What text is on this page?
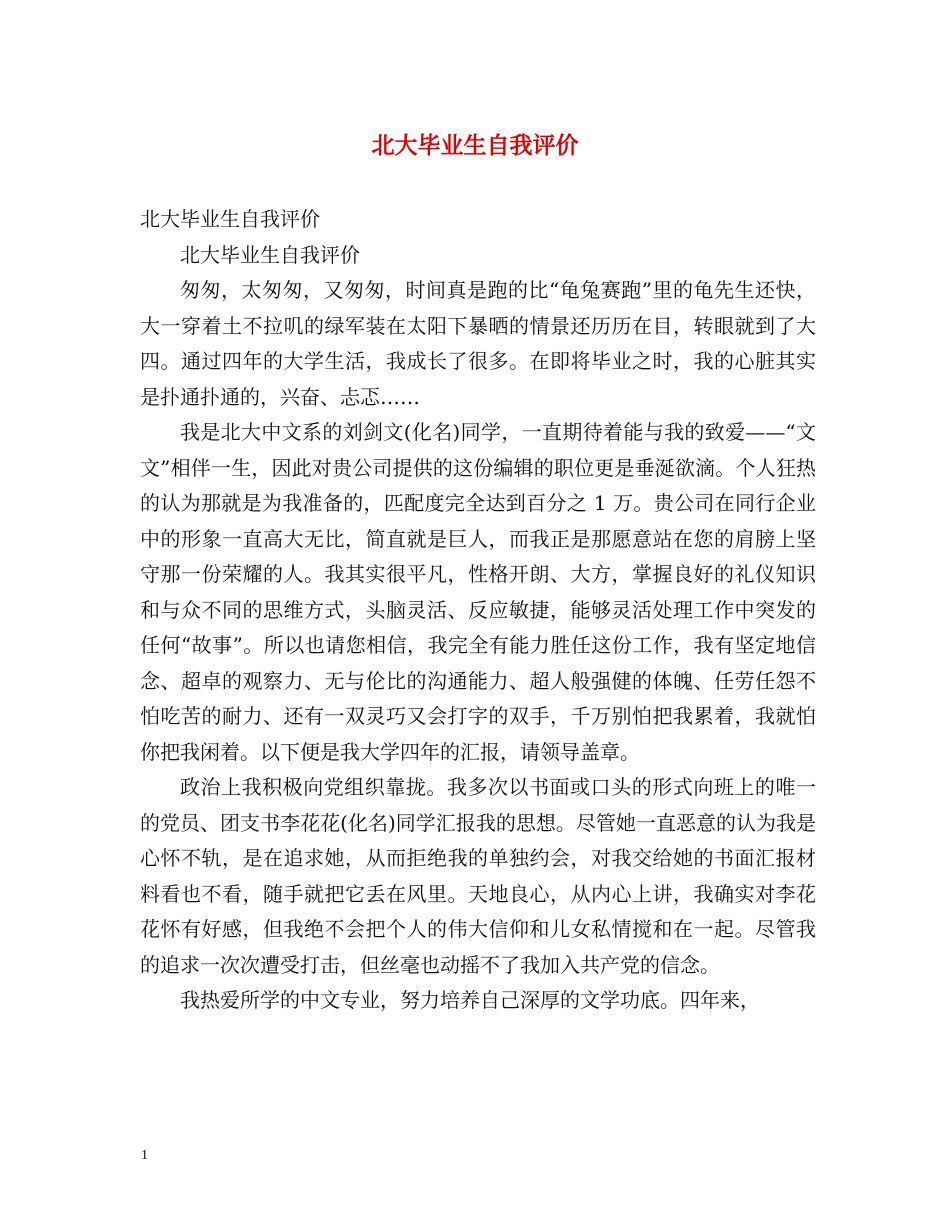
北大毕业生自我评价

北大毕业生自我评价

北大毕业生自我评价

匆匆，太匆匆，又匆匆，时间真是跑的比“龟兔赛跑”里的龟先生还快，大一穿着土不拉叽的绿军装在太阳下暴晒的情景还历历在目，转眼就到了大四。通过四年的大学生活，我成长了很多。在即将毕业之时，我的心脏其实是扑通扑通的，兴奋、忐忑……

我是北大中文系的刘剑文(化名)同学，一直期待着能与我的致爱——“文文”相伴一生，因此对贵公司提供的这份编辑的职位更是垂涎欲滴。个人狂热的认为那就是为我准备的，匹配度完全达到百分之 1 万。贵公司在同行企业中的形象一直高大无比，简直就是巨人，而我正是那愿意站在您的肩膀上坚守那一份荣耀的人。我其实很平凡，性格开朗、大方，掌握良好的礼仪知识和与众不同的思维方式，头脑灵活、反应敏捷，能够灵活处理工作中突发的任何“故事”。所以也请您相信，我完全有能力胜任这份工作，我有坚定地信念、超卓的观察力、无与伦比的沟通能力、超人般强健的体魄、任劳任怨不怕吃苦的耐力、还有一双灵巧又会打字的双手，千万别怕把我累着，我就怕你把我闲着。以下便是我大学四年的汇报，请领导盖章。

政治上我积极向党组织靠拢。我多次以书面或口头的形式向班上的唯一的党员、团支书李花花(化名)同学汇报我的思想。尽管她一直恶意的认为我是心怀不轨，是在追求她，从而拒绝我的单独约会，对我交给她的书面汇报材料看也不看，随手就把它丢在风里。天地良心，从内心上讲，我确实对李花花怀有好感，但我绝不会把个人的伟大信仰和儿女私情搅和在一起。尽管我的追求一次次遭受打击，但丝毫也动摇不了我加入共产党的信念。

我热爱所学的中文专业，努力培养自己深厚的文学功底。四年来，

1
